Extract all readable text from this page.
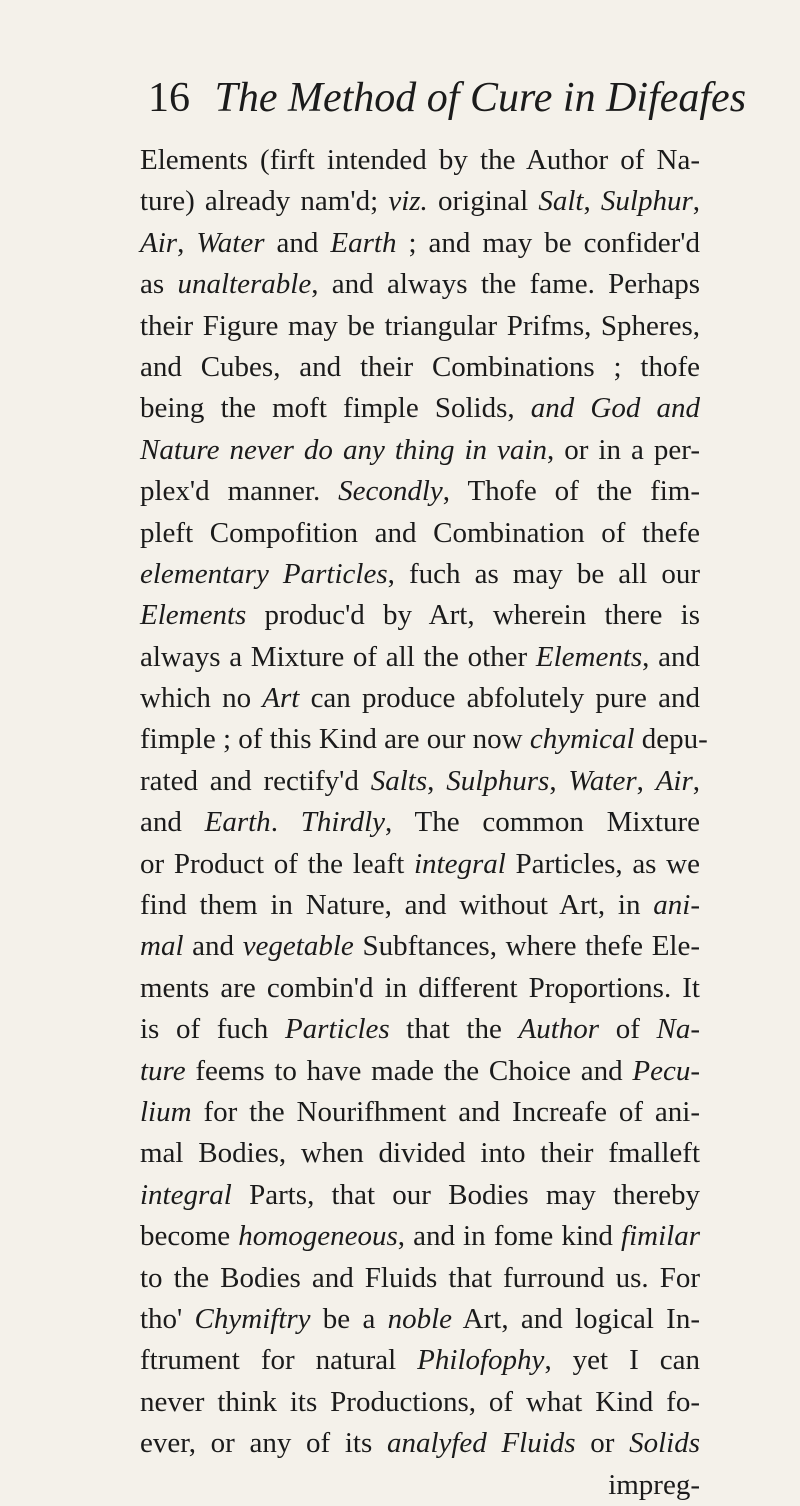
16 The Method of Cure in Difeafes
Elements (firft intended by the Author of Na-
ture) already nam'd; viz. original Salt, Sulphur,
Air, Water and Earth ; and may be confider'd
as unalterable, and always the fame. Perhaps
their Figure may be triangular Prifms, Spheres,
and Cubes, and their Combinations ; thofe
being the moft fimple Solids, and God and
Nature never do any thing in vain, or in a per-
plex'd manner. Secondly, Thofe of the fim-
pleft Compofition and Combination of thefe
elementary Particles, fuch as may be all our
Elements produc'd by Art, wherein there is
always a Mixture of all the other Elements, and
which no Art can produce abfolutely pure and
fimple ; of this Kind are our now chymical depu-
rated and rectify'd Salts, Sulphurs, Water, Air,
and Earth. Thirdly, The common Mixture
or Product of the leaft integral Particles, as we
find them in Nature, and without Art, in ani-
mal and vegetable Subftances, where thefe Ele-
ments are combin'd in different Proportions. It
is of fuch Particles that the Author of Na-
ture feems to have made the Choice and Pecu-
lium for the Nourifhment and Increafe of ani-
mal Bodies, when divided into their fmalleft
integral Parts, that our Bodies may thereby
become homogeneous, and in fome kind fimilar
to the Bodies and Fluids that furround us. For
tho' Chymiftry be a noble Art, and logical In-
ftrument for natural Philofophy, yet I can
never think its Productions, of what Kind fo-
ever, or any of its analyfed Fluids or Solids
impreg-
